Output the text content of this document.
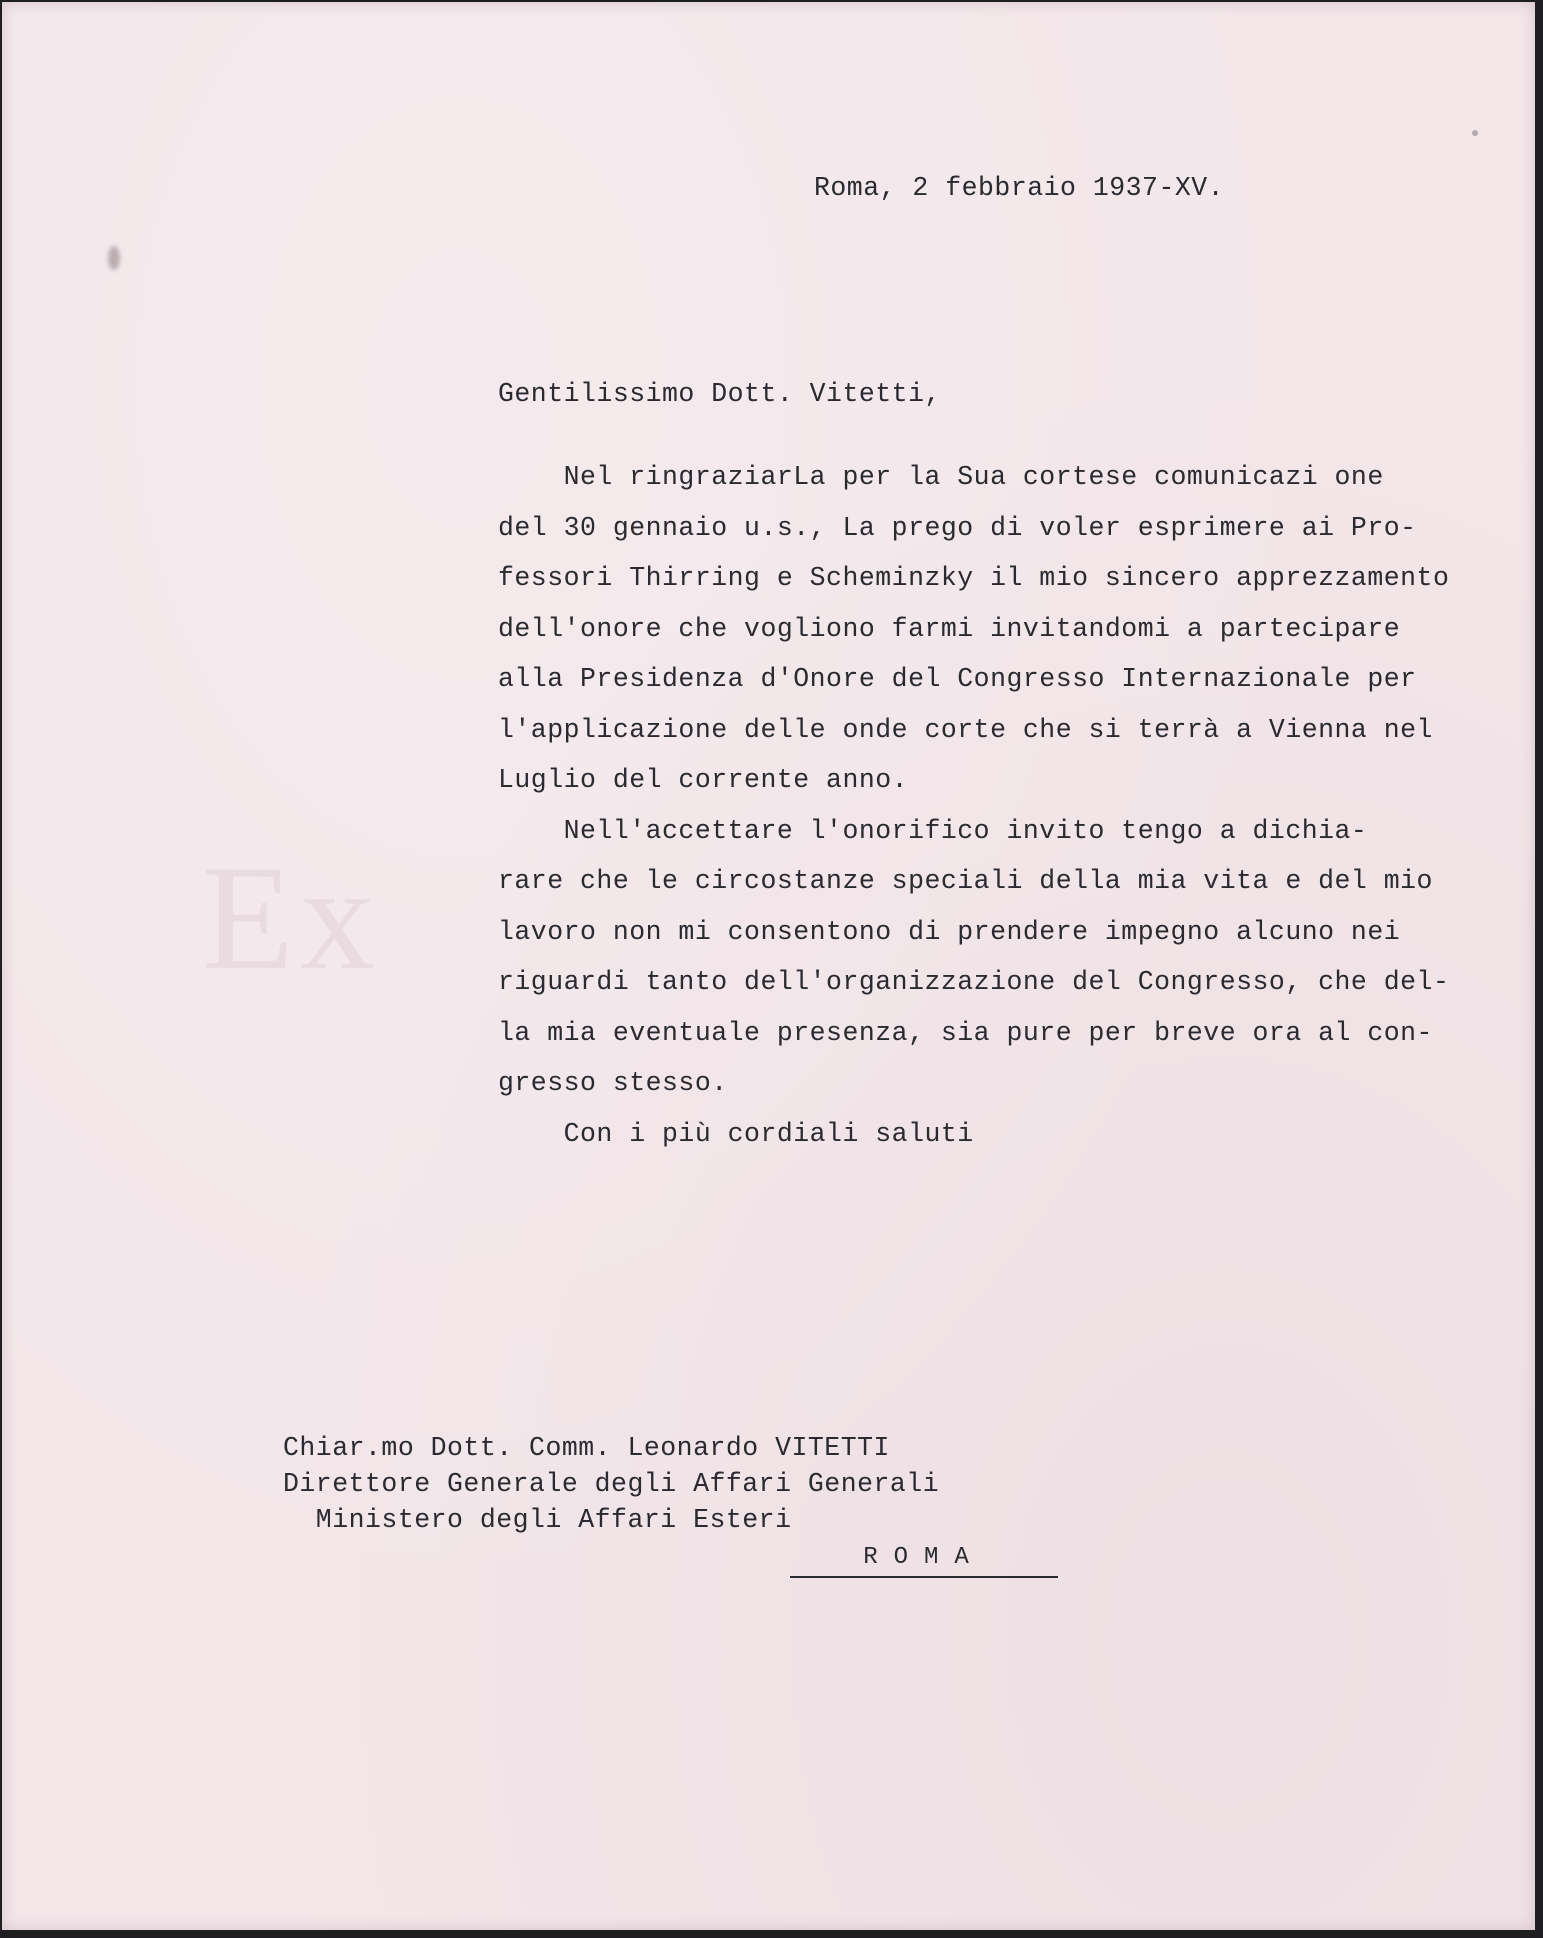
Ex

Roma, 2 febbraio 1937-XV.

Gentilissimo Dott. Vitetti,

Nel ringraziarLa per la Sua cortese comunicazi one
del 30 gennaio u.s., La prego di voler esprimere ai Pro-
fessori Thirring e Scheminzky il mio sincero apprezzamento
dell'onore che vogliono farmi invitandomi a partecipare
alla Presidenza d'Onore del Congresso Internazionale per
l'applicazione delle onde corte che si terrà a Vienna nel
Luglio del corrente anno.
Nell'accettare l'onorifico invito tengo a dichia-
rare che le circostanze speciali della mia vita e del mio
lavoro non mi consentono di prendere impegno alcuno nei
riguardi tanto dell'organizzazione del Congresso, che del-
la mia eventuale presenza, sia pure per breve ora al con-
gresso stesso.
Con i più cordiali saluti
Chiar.mo Dott. Comm. Leonardo VITETTI
Direttore Generale degli Affari Generali
Ministero degli Affari Esteri
ROMA
